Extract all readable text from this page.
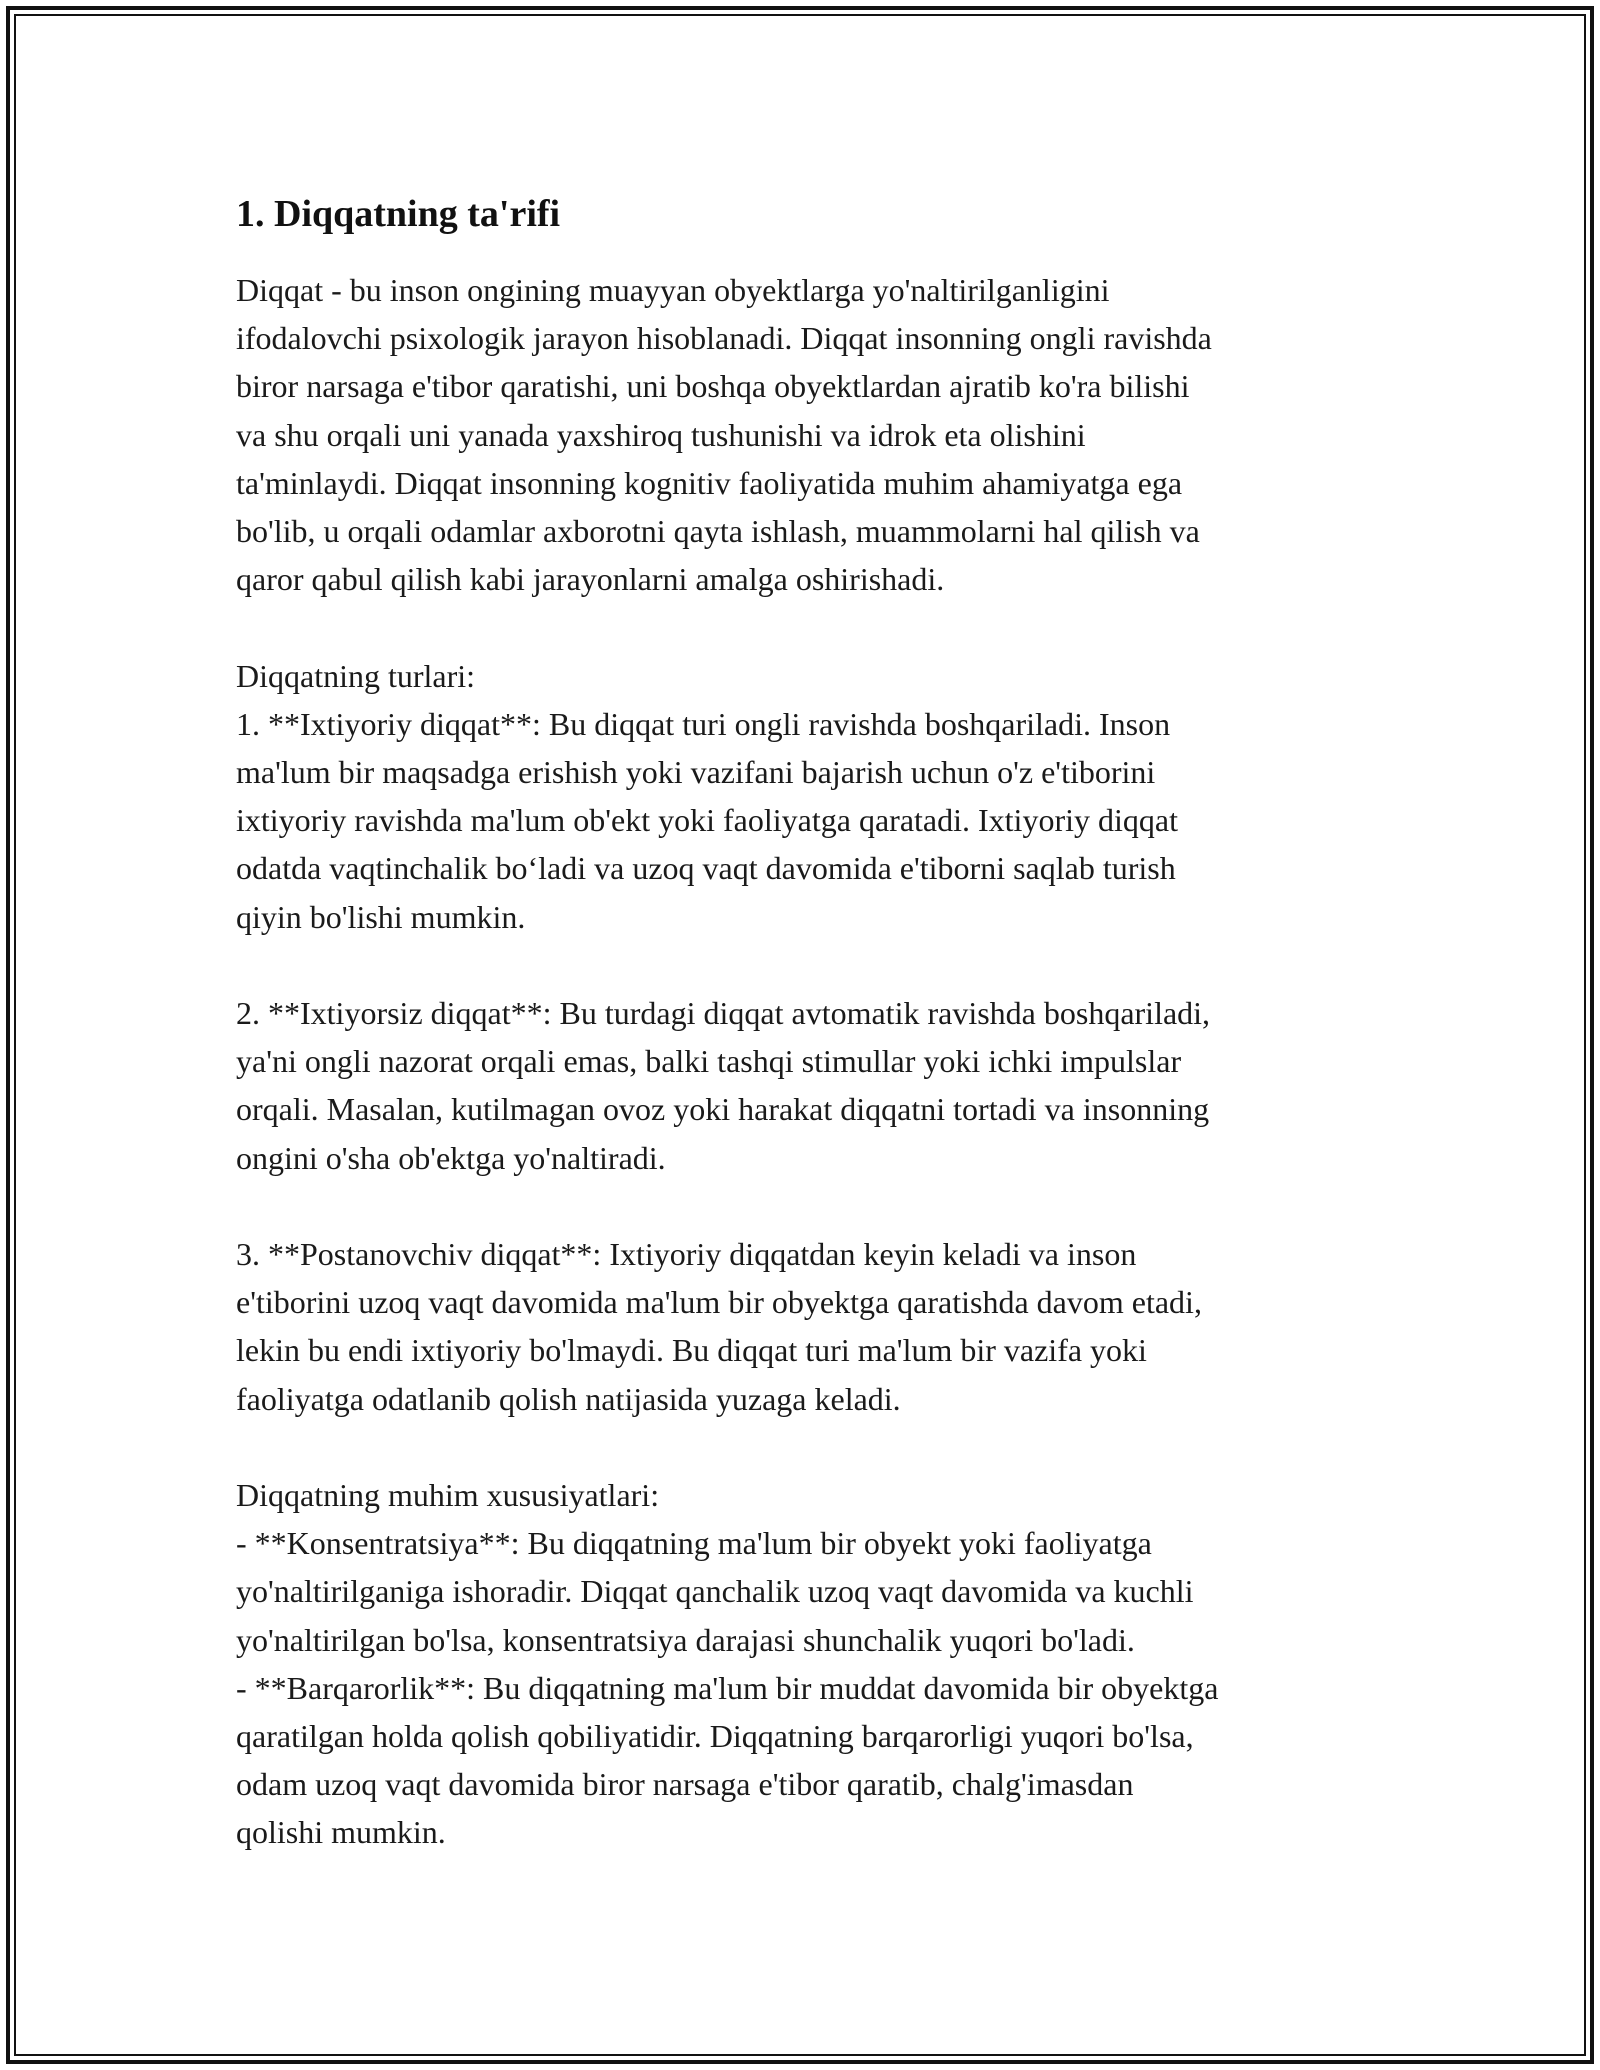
1. Diqqatning ta'rifi
Diqqat - bu inson ongining muayyan obyektlarga yo'naltirilganligini
ifodalovchi psixologik jarayon hisoblanadi. Diqqat insonning ongli ravishda
biror narsaga e'tibor qaratishi, uni boshqa obyektlardan ajratib ko'ra bilishi
va shu orqali uni yanada yaxshiroq tushunishi va idrok eta olishini
ta'minlaydi. Diqqat insonning kognitiv faoliyatida muhim ahamiyatga ega
bo'lib, u orqali odamlar axborotni qayta ishlash, muammolarni hal qilish va
qaror qabul qilish kabi jarayonlarni amalga oshirishadi.
Diqqatning turlari:
1. **Ixtiyoriy diqqat**: Bu diqqat turi ongli ravishda boshqariladi. Inson
ma'lum bir maqsadga erishish yoki vazifani bajarish uchun o'z e'tiborini
ixtiyoriy ravishda ma'lum ob'ekt yoki faoliyatga qaratadi. Ixtiyoriy diqqat
odatda vaqtinchalik bo‘ladi va uzoq vaqt davomida e'tiborni saqlab turish
qiyin bo'lishi mumkin.
2. **Ixtiyorsiz diqqat**: Bu turdagi diqqat avtomatik ravishda boshqariladi,
ya'ni ongli nazorat orqali emas, balki tashqi stimullar yoki ichki impulslar
orqali. Masalan, kutilmagan ovoz yoki harakat diqqatni tortadi va insonning
ongini o'sha ob'ektga yo'naltiradi.
3. **Postanovchiv diqqat**: Ixtiyoriy diqqatdan keyin keladi va inson
e'tiborini uzoq vaqt davomida ma'lum bir obyektga qaratishda davom etadi,
lekin bu endi ixtiyoriy bo'lmaydi. Bu diqqat turi ma'lum bir vazifa yoki
faoliyatga odatlanib qolish natijasida yuzaga keladi.
Diqqatning muhim xususiyatlari:
- **Konsentratsiya**: Bu diqqatning ma'lum bir obyekt yoki faoliyatga
yo'naltirilganiga ishoradir. Diqqat qanchalik uzoq vaqt davomida va kuchli
yo'naltirilgan bo'lsa, konsentratsiya darajasi shunchalik yuqori bo'ladi.
- **Barqarorlik**: Bu diqqatning ma'lum bir muddat davomida bir obyektga
qaratilgan holda qolish qobiliyatidir. Diqqatning barqarorligi yuqori bo'lsa,
odam uzoq vaqt davomida biror narsaga e'tibor qaratib, chalg'imasdan
qolishi mumkin.
